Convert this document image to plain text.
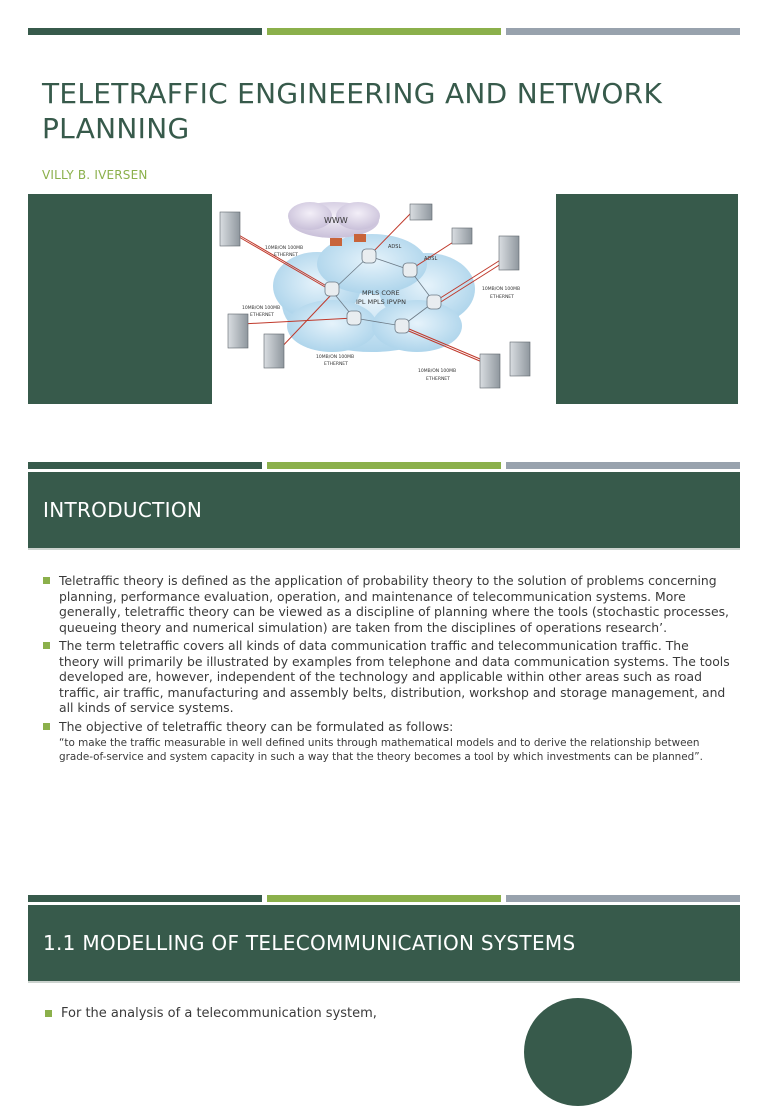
TELETRAFFIC ENGINEERING AND NETWORK PLANNING

VILLY B. IVERSEN

WWW
MPLS CORE
IPL MPLS IPVPN
ADSL
ADSL
10MB/ON 100MB
ETHERNET
10MB/ON 100MB
ETHERNET
10MB/ON 100MB
ETHERNET
10MB/ON 100MB
ETHERNET
10MB/ON 100MB
ETHERNET
INTRODUCTION

Teletraffic theory is defined as the application of probability theory to the solution of problems concerning planning, performance evaluation, operation, and maintenance of telecommunication systems. More generally, teletraffic theory can be viewed as a discipline of planning where the tools (stochastic processes, queueing theory and numerical simulation) are taken from the disciplines of operations research’.

The term teletraffic covers all kinds of data communication traffic and telecommunication traffic. The theory will primarily be illustrated by examples from telephone and data communication systems. The tools developed are, however, independent of the technology and applicable within other areas such as road traffic, air traffic, manufacturing and assembly belts, distribution, workshop and storage management, and all kinds of service systems.

The objective of teletraffic theory can be formulated as follows:

“to make the traffic measurable in well defined units through mathematical models and to derive the relationship between grade-of-service and system capacity in such a way that the theory becomes a tool by which investments can be planned”.

1.1 MODELLING OF TELECOMMUNICATION SYSTEMS

For the analysis of a telecommunication system,
